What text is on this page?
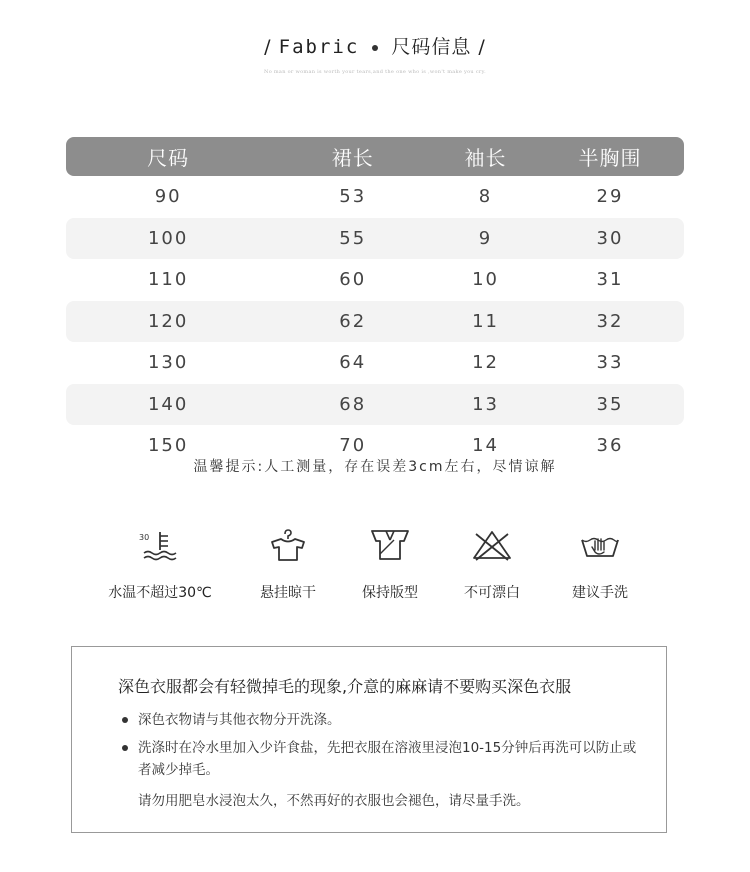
/ Fabric 尺码信息 /
No man or woman is worth your tears,and the one who is ,won't make you cry.
尺码	裙长	袖长	半胸围
90	53	8	29
100	55	9	30
110	60	10	31
120	62	11	32
130	64	12	33
140	68	13	35
150	70	14	36
温馨提示:人工测量，存在误差3cm左右，尽情谅解
30
水温不超过30℃	悬挂晾干	保持版型	不可漂白	建议手洗
深色衣服都会有轻微掉毛的现象,介意的麻麻请不要购买深色衣服
深色衣物请与其他衣物分开洗涤。
洗涤时在冷水里加入少许食盐，先把衣服在溶液里浸泡10-15分钟后再洗可以防止或者减少掉毛。
请勿用肥皂水浸泡太久，不然再好的衣服也会褪色，请尽量手洗。
